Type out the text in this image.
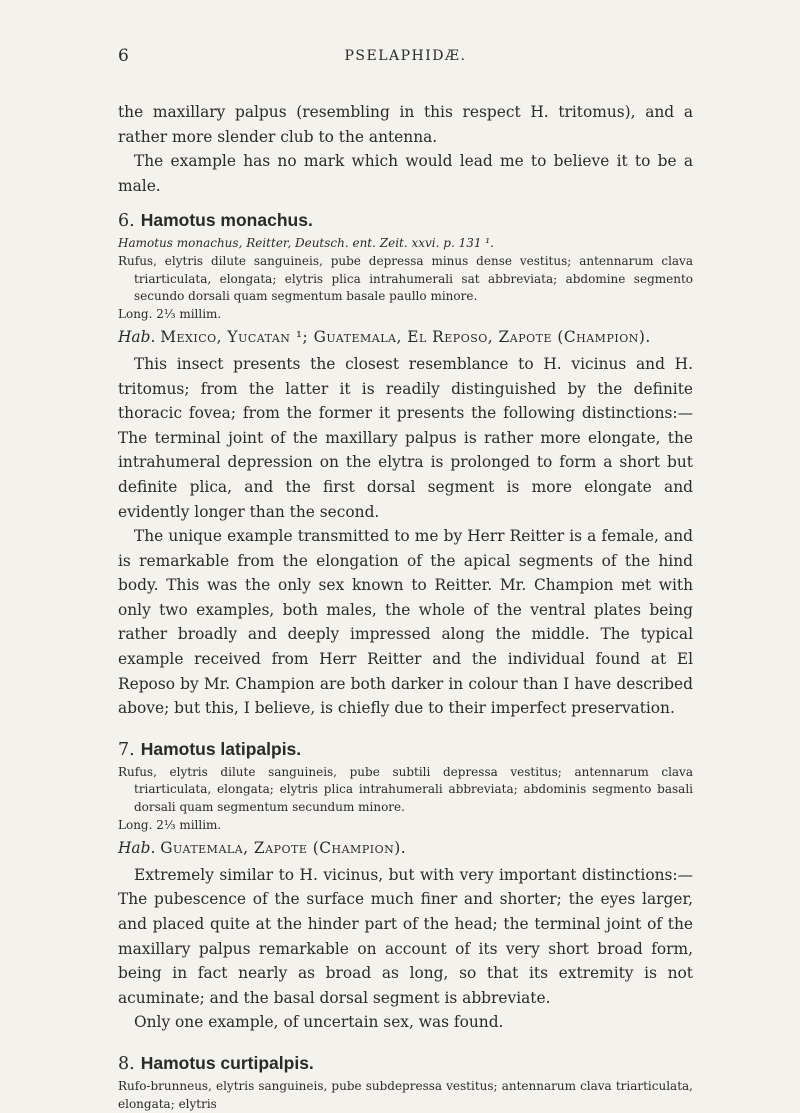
6	PSELAPHIDÆ.

the maxillary palpus (resembling in this respect H. tritomus), and a rather more slender club to the antenna.

The example has no mark which would lead me to believe it to be a male.

6. Hamotus monachus.

Hamotus monachus, Reitter, Deutsch. ent. Zeit. xxvi. p. 131 ¹.

Rufus, elytris dilute sanguineis, pube depressa minus dense vestitus; antennarum clava triarticulata, elongata; elytris plica intrahumerali sat abbreviata; abdomine segmento secundo dorsali quam segmentum basale paullo minore.

Long. 2⅓ millim.

Hab. Mexico, Yucatan ¹; Guatemala, El Reposo, Zapote (Champion).

This insect presents the closest resemblance to H. vicinus and H. tritomus; from the latter it is readily distinguished by the definite thoracic fovea; from the former it presents the following distinctions:—The terminal joint of the maxillary palpus is rather more elongate, the intrahumeral depression on the elytra is prolonged to form a short but definite plica, and the first dorsal segment is more elongate and evidently longer than the second.

The unique example transmitted to me by Herr Reitter is a female, and is remarkable from the elongation of the apical segments of the hind body. This was the only sex known to Reitter. Mr. Champion met with only two examples, both males, the whole of the ventral plates being rather broadly and deeply impressed along the middle. The typical example received from Herr Reitter and the individual found at El Reposo by Mr. Champion are both darker in colour than I have described above; but this, I believe, is chiefly due to their imperfect preservation.

7. Hamotus latipalpis.

Rufus, elytris dilute sanguineis, pube subtili depressa vestitus; antennarum clava triarticulata, elongata; elytris plica intrahumerali abbreviata; abdominis segmento basali dorsali quam segmentum secundum minore.

Long. 2⅓ millim.

Hab. Guatemala, Zapote (Champion).

Extremely similar to H. vicinus, but with very important distinctions:—The pubescence of the surface much finer and shorter; the eyes larger, and placed quite at the hinder part of the head; the terminal joint of the maxillary palpus remarkable on account of its very short broad form, being in fact nearly as broad as long, so that its extremity is not acuminate; and the basal dorsal segment is abbreviate.

Only one example, of uncertain sex, was found.

8. Hamotus curtipalpis.

Rufo-brunneus, elytris sanguineis, pube subdepressa vestitus; antennarum clava triarticulata, elongata; elytris
